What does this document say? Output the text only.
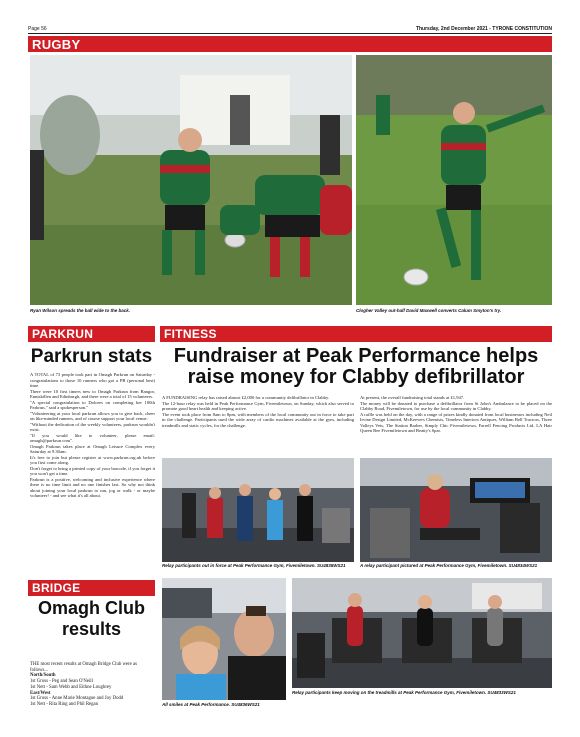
Page 56	Thursday, 2nd December 2021 - TYRONE CONSTITUTION
RUGBY
Ryan Wilson spreads the ball wide to the back.	Clogher Valley out-half David Maxwell converts Calum Smyton's try.
PARKRUN
Parkrun stats

A TOTAL of 73 people took part in Omagh Parkrun on Saturday - congratulations to those 10 runners who got a PB (personal best) time.

There were 10 first timers new to Omagh Parkrun from Bangor, Enniskillen and Edinburgh, and there were a total of 15 volunteers.

"A special congratulation to Dolores on completing her 100th Parkrun," said a spokesperson."

"Volunteering at your local parkrun allows you to give back, cheer on like-minded runners, and of course support your local venue.

"Without the dedication of the weekly volunteers, parkrun wouldn't exist.

"If you would like to volunteer, please email: omagh@parkrun.com".

Omagh Parkrun takes place at Omagh Leisure Complex every Saturday at 9.30am.

It's free to join but please register at www.parkrun.org.uk before you first come along.

Don't forget to bring a printed copy of your barcode, if you forget it you won't get a time.

Parkrun is a positive, welcoming and inclusive experience where there is no time limit and no one finishes last. So why not think about joining your local parkrun to run, jog or walk - or maybe volunteer! - and see what it's all about.

FITNESS
Fundraiser at Peak Performance helps raise money for Clabby defibrillator

A FUNDRAISING relay has raised almost £2,000 for a community defibrillator in Clabby.

The 12-hour relay was held in Peak Performance Gym, Fivemiletown, on Sunday, which also served to promote good heart health and keeping active.

The event took place from 8am to 8pm, with members of the local community out in force to take part in the challenge. Participants used the wide array of cardio machines available at the gym, including treadmills and static cycles, for the challenge.

At present, the overall fundraising total stands at £1,947.

The money will be donated to purchase a defibrillator from St John's Ambulance to be placed on the Clabby Road, Fivemiletown, for use by the local community in Clabby.

A raffle was held on the day, with a range of prizes kindly donated from local businesses including Neil Irvine Design Limited, McKeevers Chemists, Timeless Interiors Antiques, William Bell Tractors, Three Valleys Vets, The Station Barber, Simply Chic Fivemiletown, Farrell Fencing Products Ltd, LA Hair Queen Bee Fivemiletown and Beatty's Spar.

Relay participants out in force at Peak Performance Gym, Fivemiletown. SU4835WS21	A relay participant pictured at Peak Performance Gym, Fivemiletown. SU4834WS21
BRIDGE
Omagh Club results
THE most recent results at Omagh Bridge Club were as follows...
North/South
1st Gross - Peg and Sean O'Neill
1st Nett - Sam Webb and Eithne Loughrey
East/West
1st Gross - Anne Marie Montague and Joy Dodd
1st Nett - Rita Ring and Phil Regan	All smiles at Peak Performance. SU4836WS21
Relay participants keep moving on the treadmills at Peak Performance Gym, Fivemiletown. SU4833WS21
